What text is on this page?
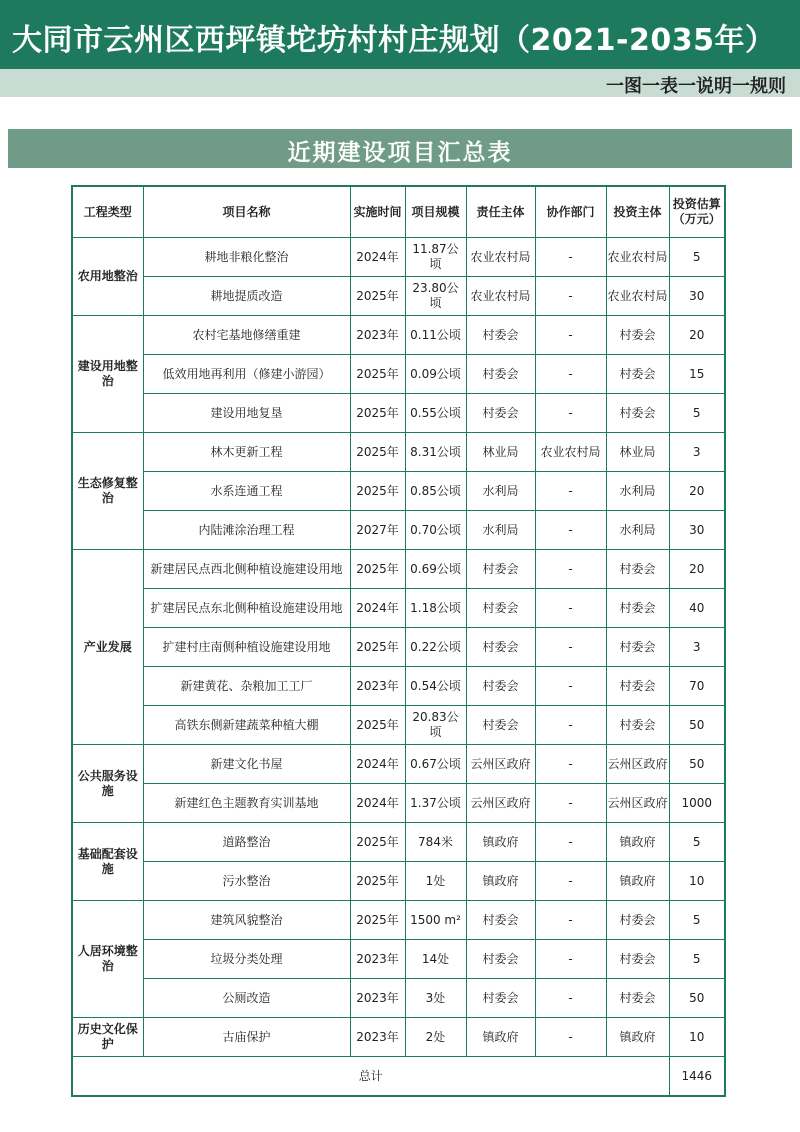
大同市云州区西坪镇坨坊村村庄规划（2021-2035年）
一图一表一说明一规则
近期建设项目汇总表
工程类型	项目名称	实施时间	项目规模	责任主体	协作部门	投资主体	投资估算（万元）
农用地整治	耕地非粮化整治	2024年	11.87公顷	农业农村局	-	农业农村局	5
	耕地提质改造	2025年	23.80公顷	农业农村局	-	农业农村局	30
建设用地整治	农村宅基地修缮重建	2023年	0.11公顷	村委会	-	村委会	20
	低效用地再利用（修建小游园）	2025年	0.09公顷	村委会	-	村委会	15
	建设用地复垦	2025年	0.55公顷	村委会	-	村委会	5
生态修复整治	林木更新工程	2025年	8.31公顷	林业局	农业农村局	林业局	3
	水系连通工程	2025年	0.85公顷	水利局	-	水利局	20
	内陆滩涂治理工程	2027年	0.70公顷	水利局	-	水利局	30
产业发展	新建居民点西北侧种植设施建设用地	2025年	0.69公顷	村委会	-	村委会	20
	扩建居民点东北侧种植设施建设用地	2024年	1.18公顷	村委会	-	村委会	40
	扩建村庄南侧种植设施建设用地	2025年	0.22公顷	村委会	-	村委会	3
	新建黄花、杂粮加工工厂	2023年	0.54公顷	村委会	-	村委会	70
	高铁东侧新建蔬菜种植大棚	2025年	20.83公顷	村委会	-	村委会	50
公共服务设施	新建文化书屋	2024年	0.67公顷	云州区政府	-	云州区政府	50
	新建红色主题教育实训基地	2024年	1.37公顷	云州区政府	-	云州区政府	1000
基础配套设施	道路整治	2025年	784米	镇政府	-	镇政府	5
	污水整治	2025年	1处	镇政府	-	镇政府	10
人居环境整治	建筑风貌整治	2025年	1500 m²	村委会	-	村委会	5
	垃圾分类处理	2023年	14处	村委会	-	村委会	5
	公厕改造	2023年	3处	村委会	-	村委会	50
历史文化保护	古庙保护	2023年	2处	镇政府	-	镇政府	10
总计							1446
